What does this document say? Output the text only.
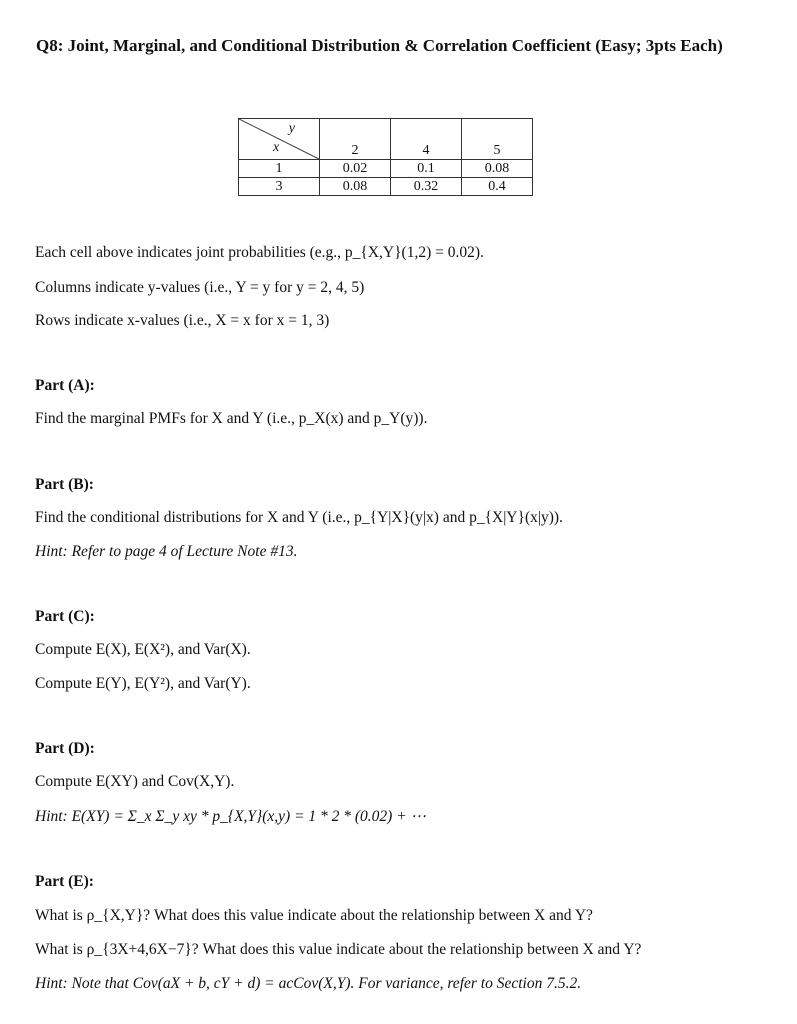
Q8: Joint, Marginal, and Conditional Distribution & Correlation Coefficient (Easy; 3pts Each)
y
x	2	4	5
1	0.02	0.1	0.08
3	0.08	0.32	0.4
Each cell above indicates joint probabilities (e.g., p_{X,Y}(1,2) = 0.02).
Columns indicate y-values (i.e., Y = y for y = 2, 4, 5)
Rows indicate x-values (i.e., X = x for x = 1, 3)
Part (A):
Find the marginal PMFs for X and Y (i.e., p_X(x) and p_Y(y)).
Part (B):
Find the conditional distributions for X and Y (i.e., p_{Y|X}(y|x) and p_{X|Y}(x|y)).
Hint: Refer to page 4 of Lecture Note #13.
Part (C):
Compute E(X), E(X²), and Var(X).
Compute E(Y), E(Y²), and Var(Y).
Part (D):
Compute E(XY) and Cov(X,Y).
Hint: E(XY) = Σ_x Σ_y xy * p_{X,Y}(x,y) = 1 * 2 * (0.02) + ⋯
Part (E):
What is ρ_{X,Y}? What does this value indicate about the relationship between X and Y?
What is ρ_{3X+4,6X−7}? What does this value indicate about the relationship between X and Y?
Hint: Note that Cov(aX + b, cY + d) = acCov(X,Y). For variance, refer to Section 7.5.2.
